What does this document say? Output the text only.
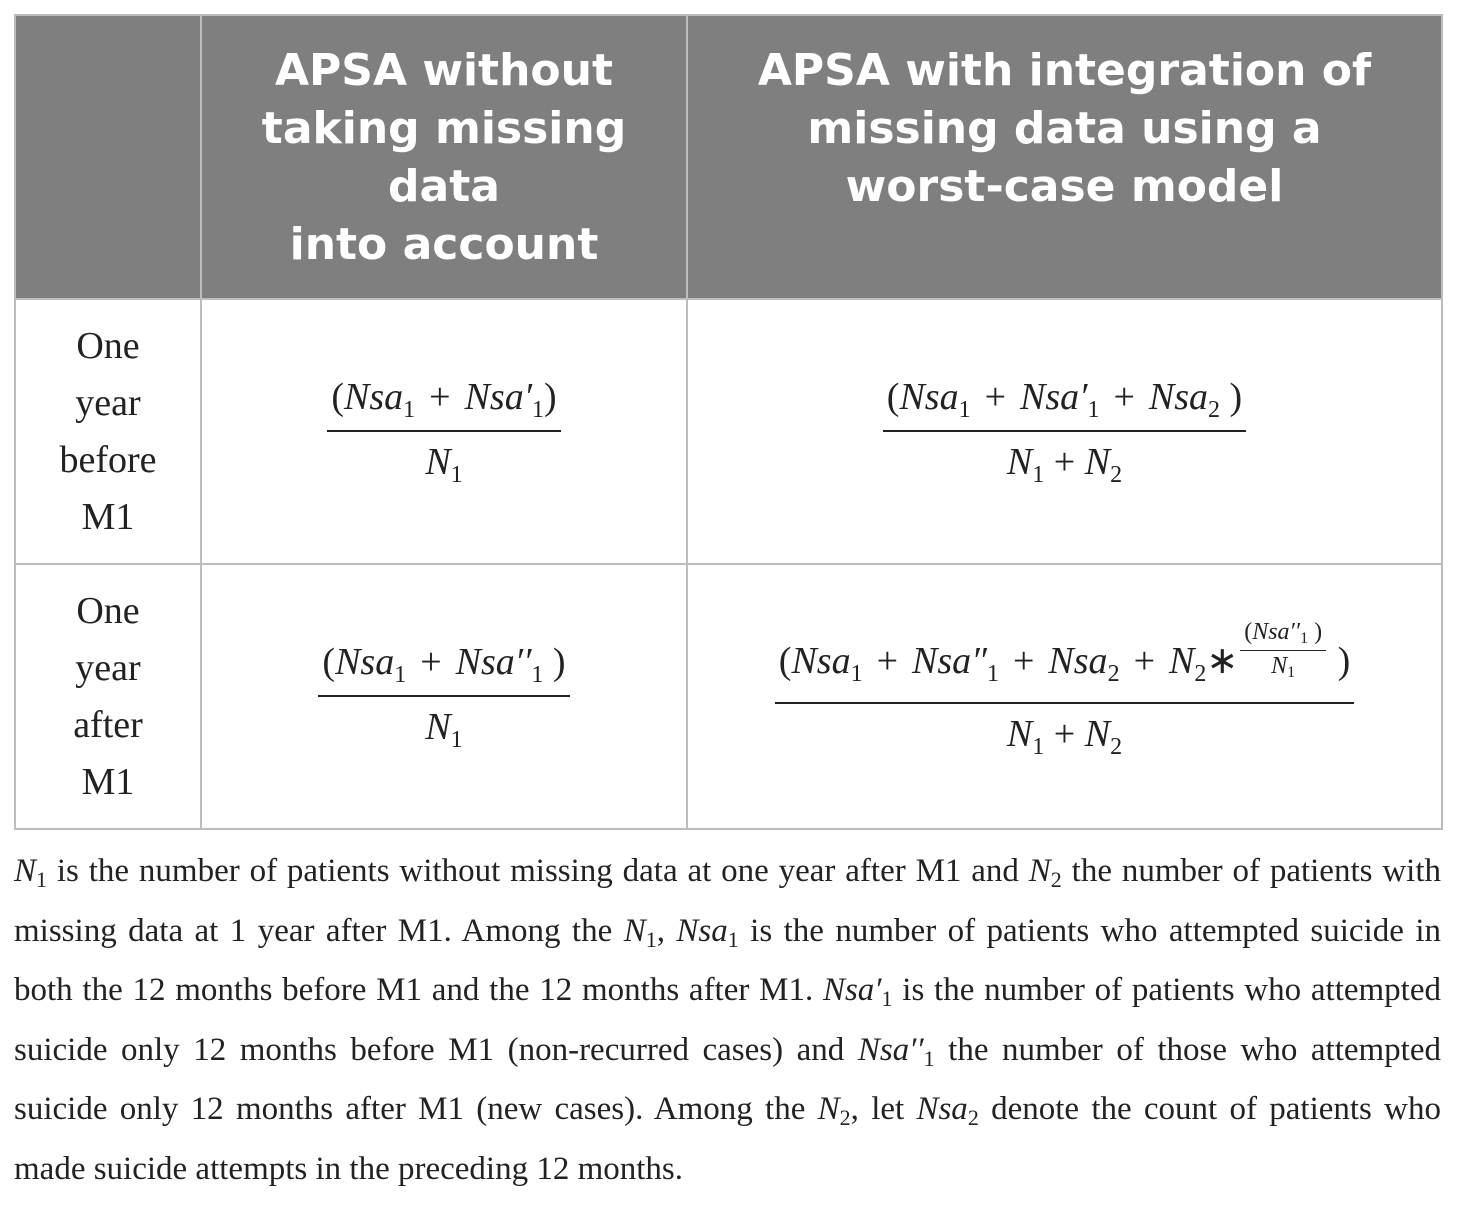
	APSA without
taking missing
data
into account	APSA with integration of
missing data using a
worst-case model

One
year
before
M1	$\frac{(Nsa_1 + Nsa'_1)}{N_1}$	$\frac{(Nsa_1 + Nsa'_1 + Nsa_2 )}{N_1 + N_2}$

One
year
after
M1	$\frac{(Nsa_1 + Nsa''_1 )}{N_1}$	($Nsa_1 + Nsa''_1 + Nsa_2$ + $N_2∗$
($Nsa''_1$ )
$N_1$ )
$N_1 + N_2$

$N_1$ is the number of patients without missing data at one year after M1 and $N_2$ the number of patients with missing data at 1 year after M1. Among the $N_1$, Nsa$_1$ is the number of patients who attempted suicide in both the 12 months before M1 and the 12 months after M1. $Nsa'_1$ is the number of patients who attempted suicide only 12 months before M1 (non-recurred cases) and $Nsa''_1$ the number of those who attempted suicide only 12 months after M1 (new cases). Among the $N_2$, let Nsa$_2$ denote the count of patients who made suicide attempts in the preceding 12 months.
